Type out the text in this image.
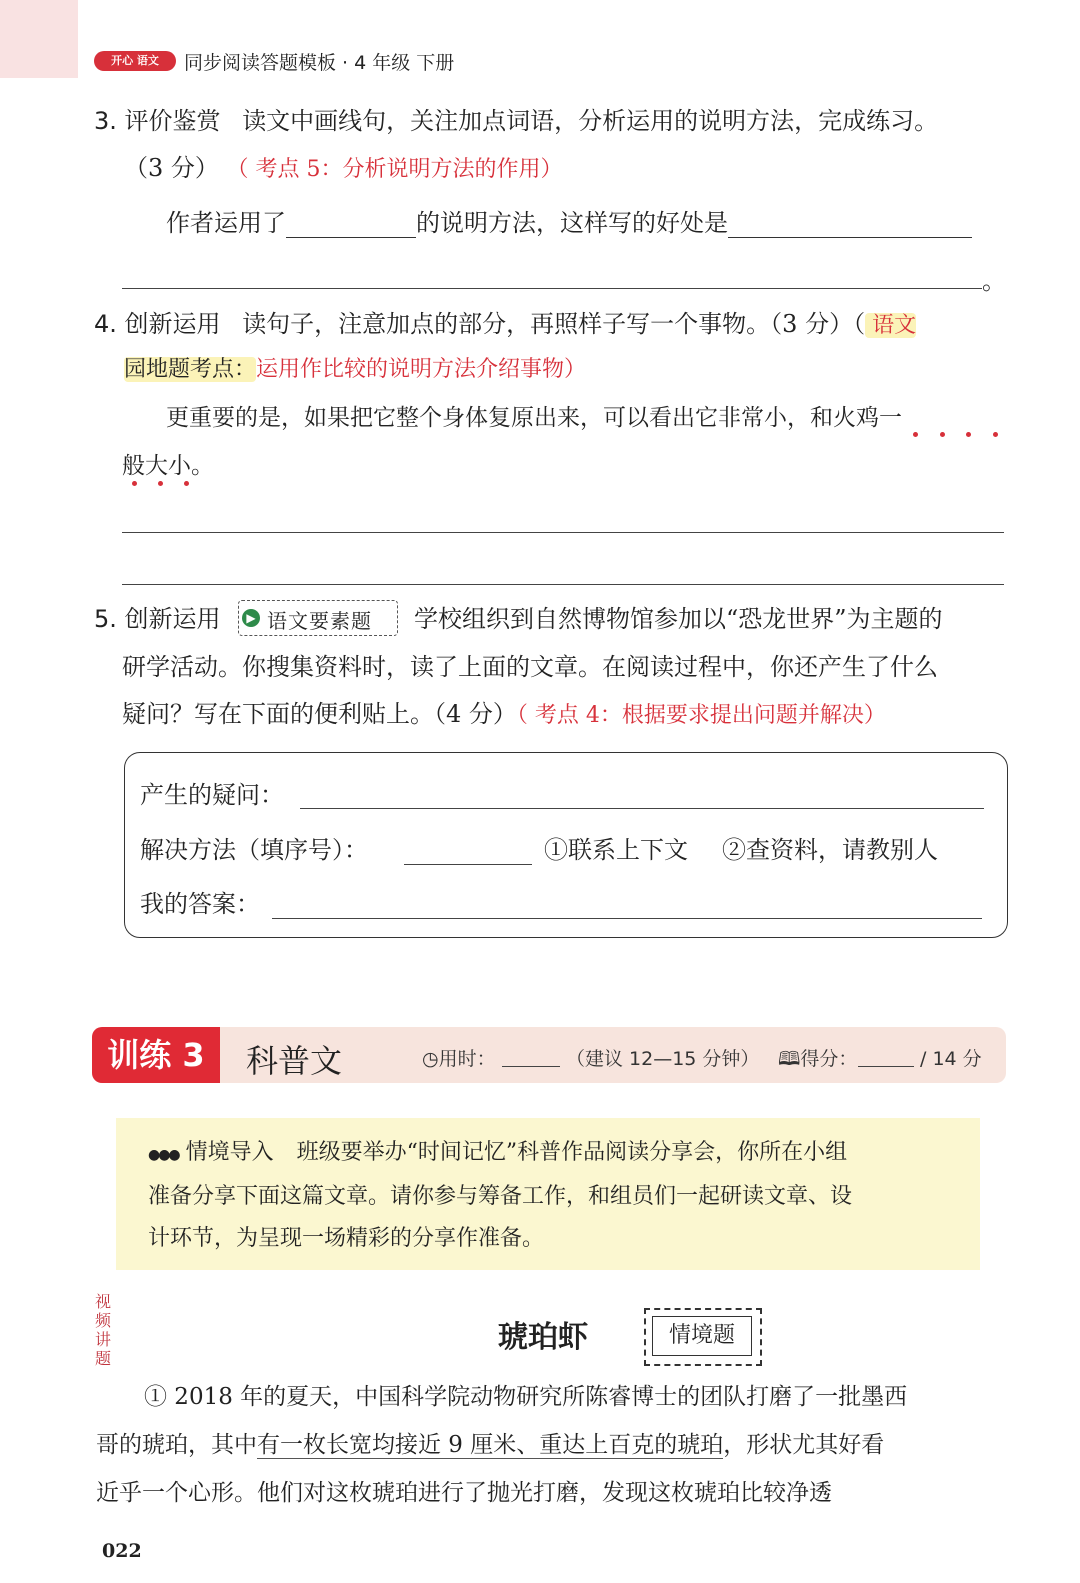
开心 语文	同步阅读答题模板 · 4 年级 下册
3. 评价鉴赏 读文中画线句，关注加点词语，分析运用的说明方法，完成练习。
（3 分） （ 考点 5：分析说明方法的作用）
作者运用了	的说明方法，这样写的好处是
。
4. 创新运用 读句子，注意加点的部分，再照样子写一个事物。（3 分）（ 语文
园地题考点：运用作比较的说明方法介绍事物）
更重要的是，如果把它整个身体复原出来，可以看出它非常小，和火鸡一
般大小。
5. 创新运用	▶ 语文要素题 学校组织到自然博物馆参加以“恐龙世界”为主题的
研学活动。你搜集资料时，读了上面的文章。在阅读过程中，你还产生了什么
疑问？写在下面的便利贴上。（4 分）（ 考点 4：根据要求提出问题并解决）
产生的疑问：
解决方法（填序号）：	①联系上下文 ②查资料，请教别人
我的答案：
训练 3	科普文	◷用时：	（建议 12—15 分钟） 🕮得分：	/ 14 分
●●● 情境导入 班级要举办“时间记忆”科普作品阅读分享会，你所在小组
准备分享下面这篇文章。请你参与筹备工作，和组员们一起研读文章、设
计环节，为呈现一场精彩的分享作准备。
视频讲题
琥珀虾	情境题
① 2018 年的夏天，中国科学院动物研究所陈睿博士的团队打磨了一批墨西
哥的琥珀，其中有一枚长宽均接近 9 厘米、重达上百克的琥珀，形状尤其好看
近乎一个心形。他们对这枚琥珀进行了抛光打磨，发现这枚琥珀比较净透
022
